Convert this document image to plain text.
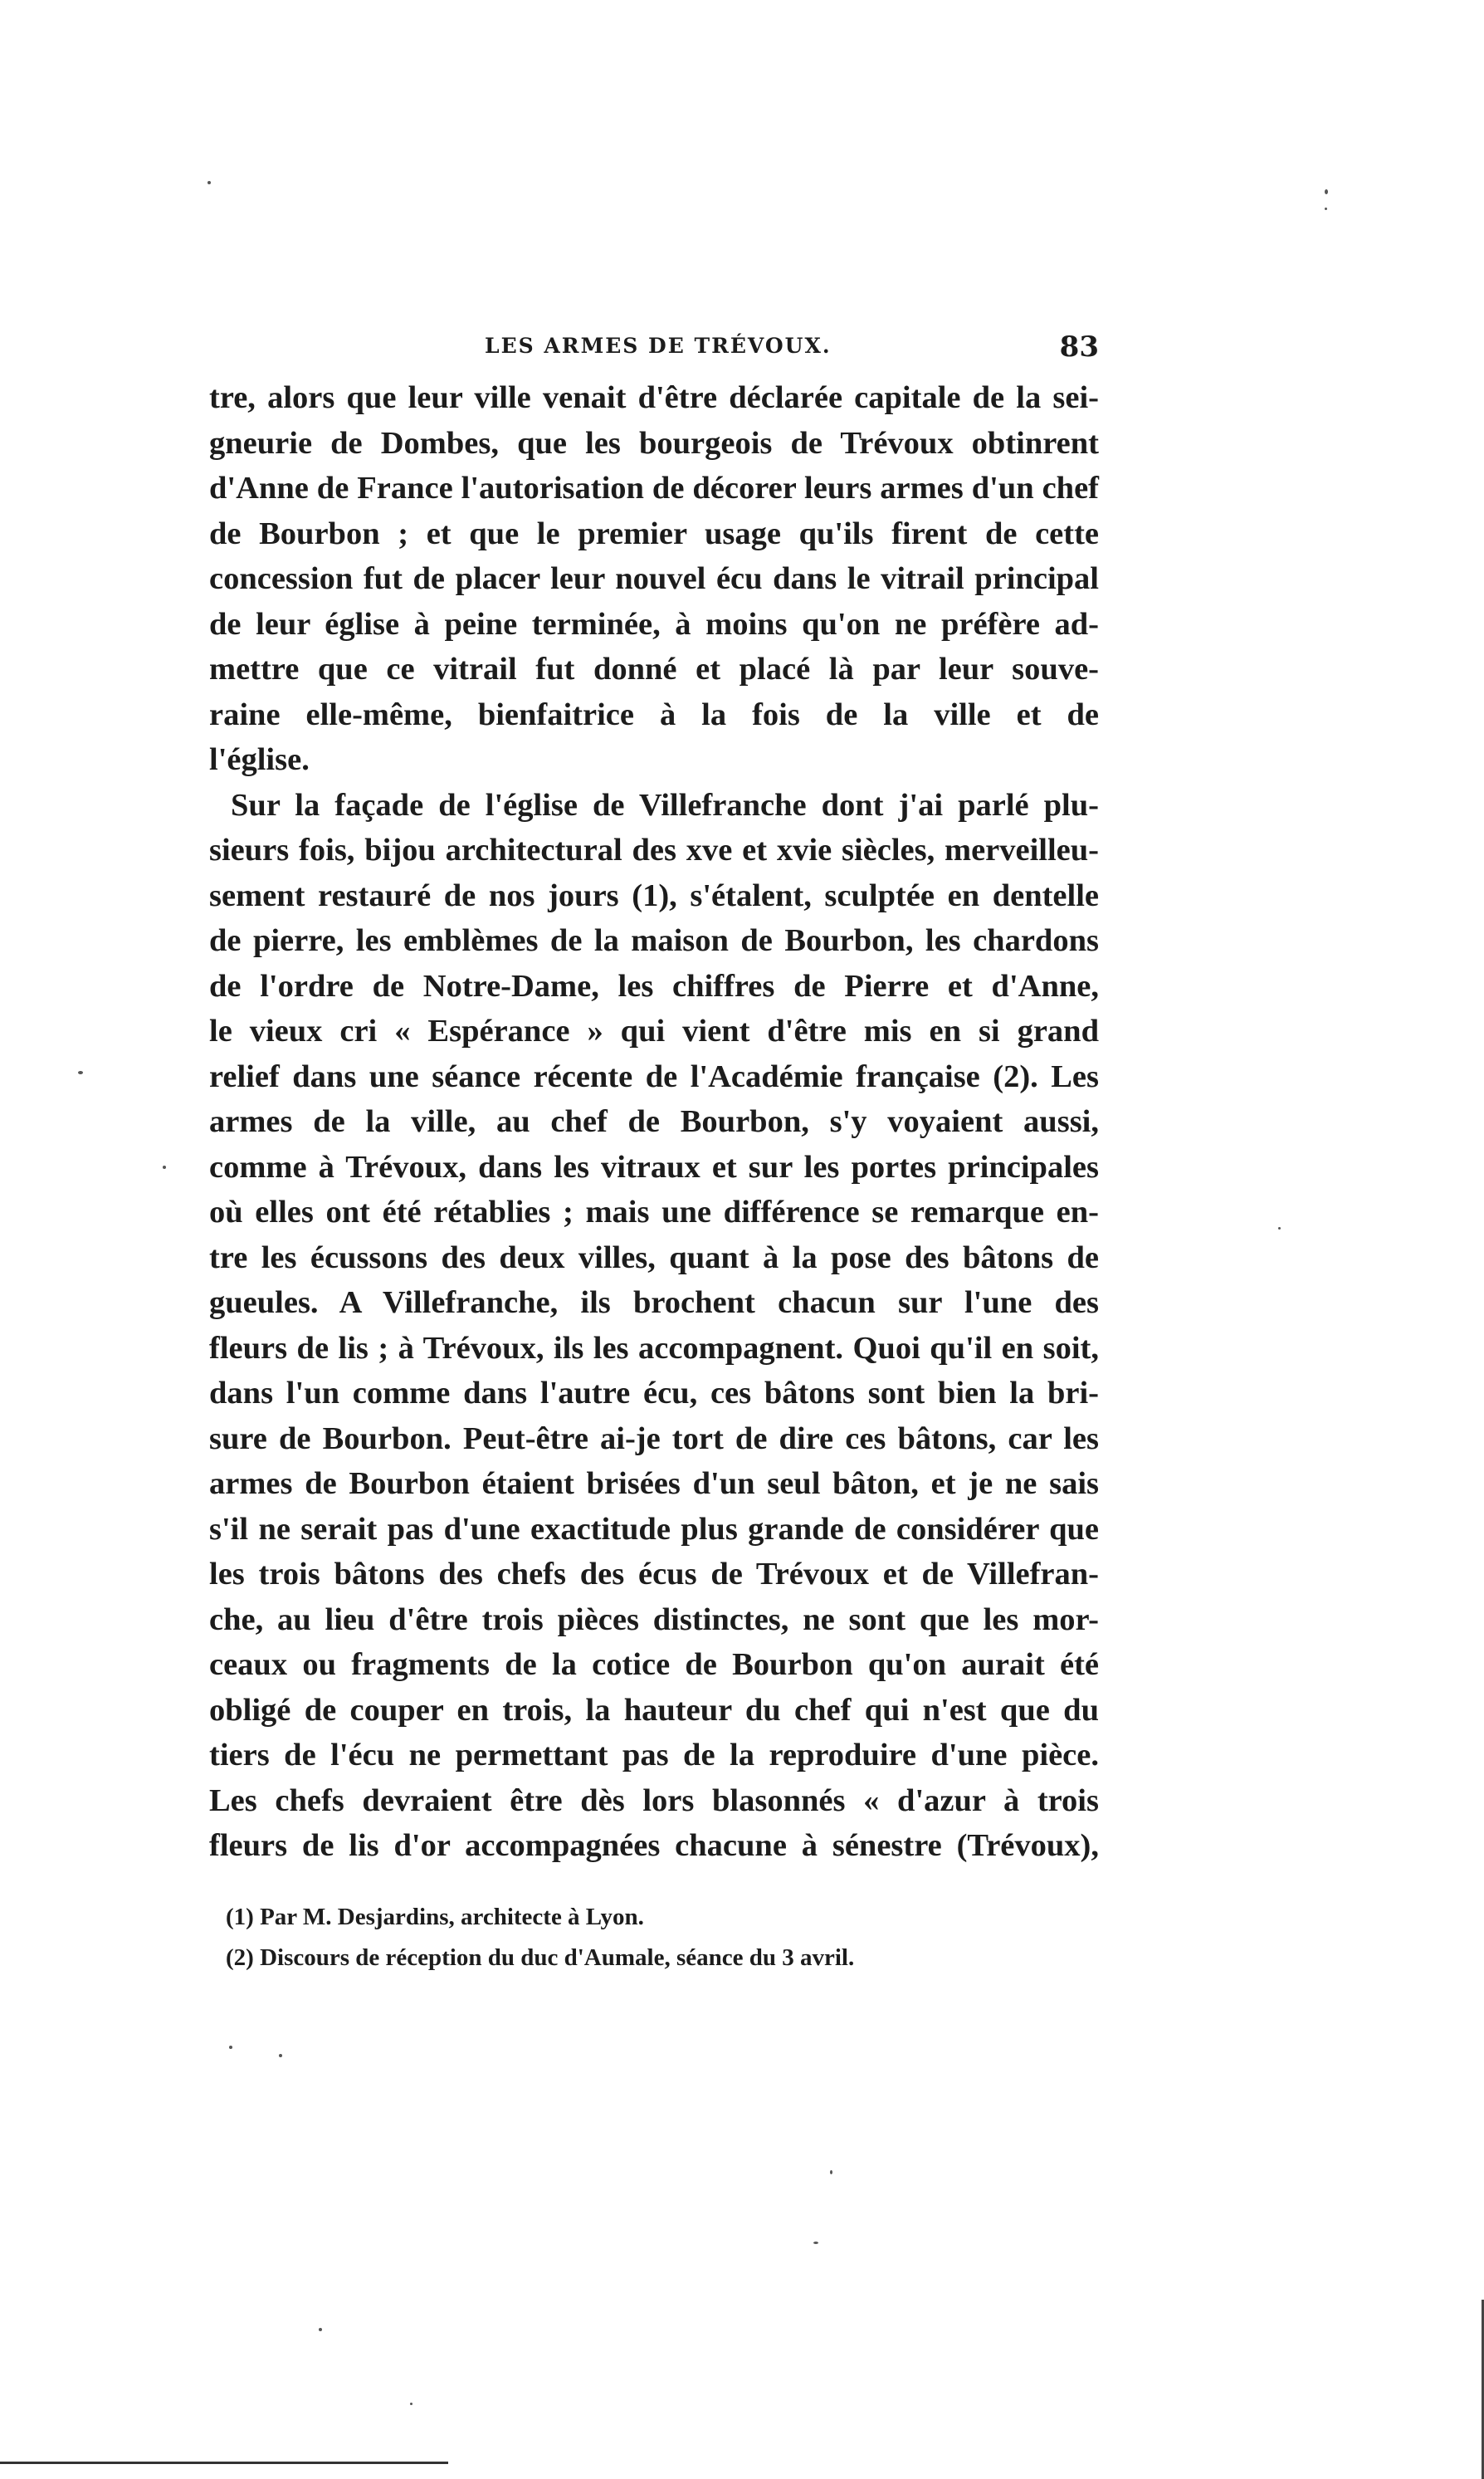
LES ARMES DE TRÉVOUX.	83
tre, alors que leur ville venait d'être déclarée capitale de la sei-
gneurie de Dombes, que les bourgeois de Trévoux obtinrent
d'Anne de France l'autorisation de décorer leurs armes d'un chef
de Bourbon ; et que le premier usage qu'ils firent de cette
concession fut de placer leur nouvel écu dans le vitrail principal
de leur église à peine terminée, à moins qu'on ne préfère ad-
mettre que ce vitrail fut donné et placé là par leur souve-
raine elle-même, bienfaitrice à la fois de la ville et de
l'église.
Sur la façade de l'église de Villefranche dont j'ai parlé plu-
sieurs fois, bijou architectural des xve et xvie siècles, merveilleu-
sement restauré de nos jours (1), s'étalent, sculptée en dentelle
de pierre, les emblèmes de la maison de Bourbon, les chardons
de l'ordre de Notre-Dame, les chiffres de Pierre et d'Anne,
le vieux cri « Espérance » qui vient d'être mis en si grand
relief dans une séance récente de l'Académie française (2). Les
armes de la ville, au chef de Bourbon, s'y voyaient aussi,
comme à Trévoux, dans les vitraux et sur les portes principales
où elles ont été rétablies ; mais une différence se remarque en-
tre les écussons des deux villes, quant à la pose des bâtons de
gueules. A Villefranche, ils brochent chacun sur l'une des
fleurs de lis ; à Trévoux, ils les accompagnent. Quoi qu'il en soit,
dans l'un comme dans l'autre écu, ces bâtons sont bien la bri-
sure de Bourbon. Peut-être ai-je tort de dire ces bâtons, car les
armes de Bourbon étaient brisées d'un seul bâton, et je ne sais
s'il ne serait pas d'une exactitude plus grande de considérer que
les trois bâtons des chefs des écus de Trévoux et de Villefran-
che, au lieu d'être trois pièces distinctes, ne sont que les mor-
ceaux ou fragments de la cotice de Bourbon qu'on aurait été
obligé de couper en trois, la hauteur du chef qui n'est que du
tiers de l'écu ne permettant pas de la reproduire d'une pièce.
Les chefs devraient être dès lors blasonnés « d'azur à trois
fleurs de lis d'or accompagnées chacune à sénestre (Trévoux),
(1) Par M. Desjardins, architecte à Lyon.
(2) Discours de réception du duc d'Aumale, séance du 3 avril.
